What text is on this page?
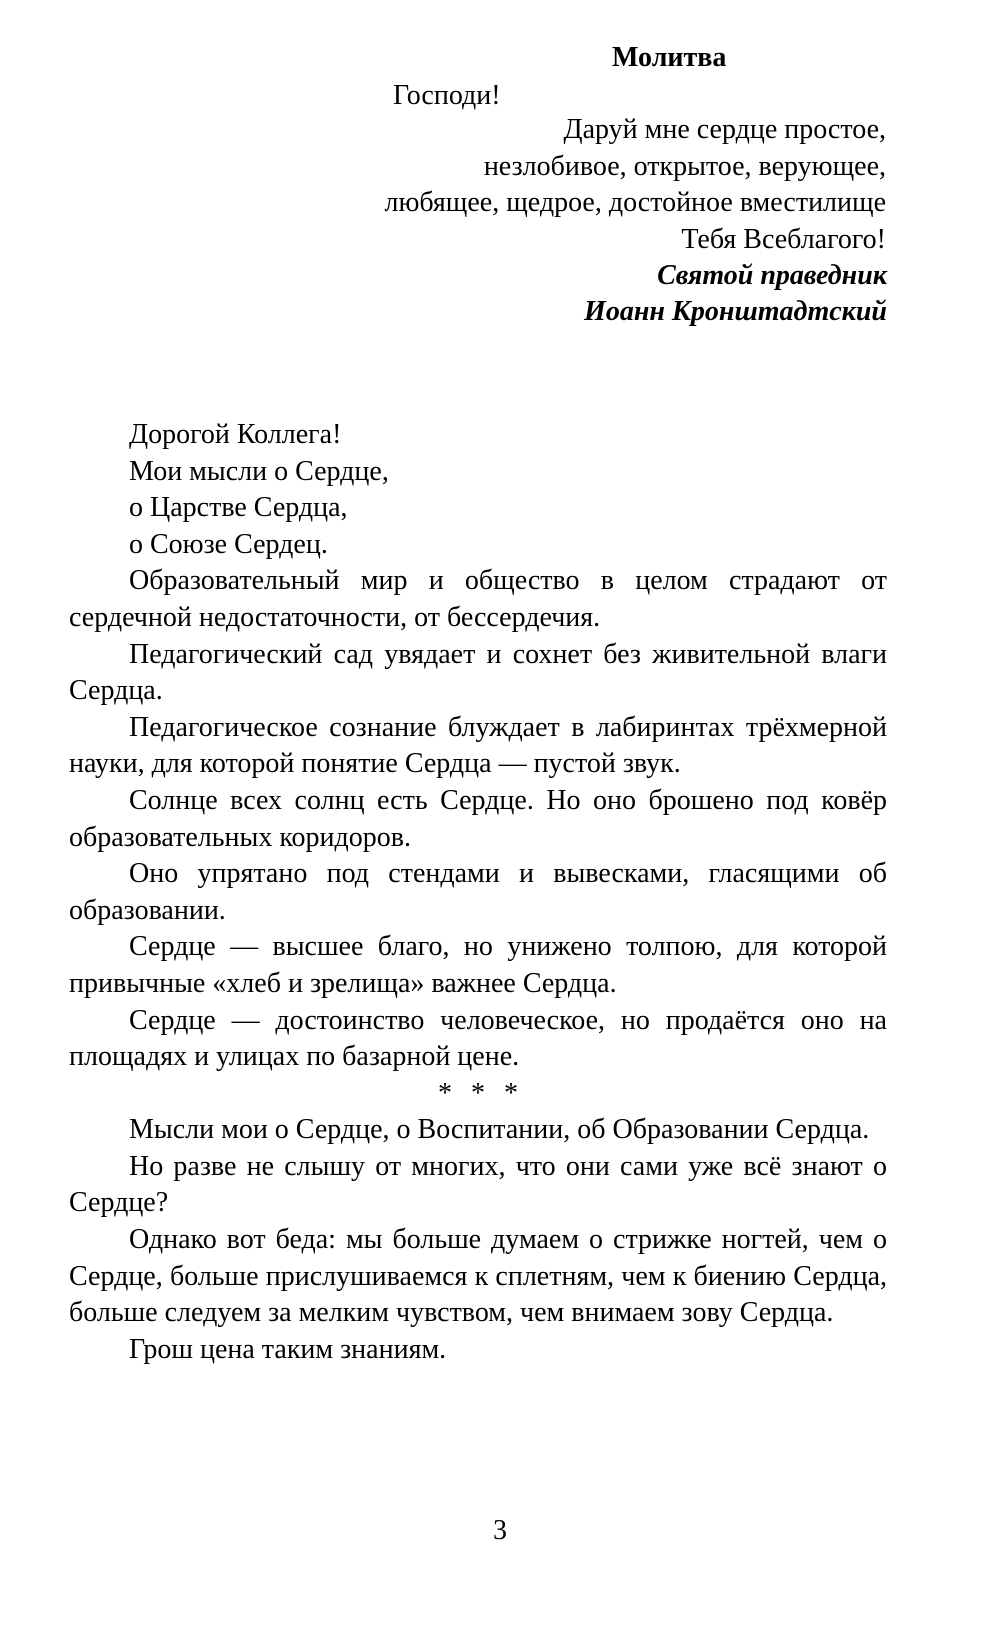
Молитва
Господи!
Даруй мне сердце простое,
незлобивое, открытое, верующее,
любящее, щедрое, достойное вместилище
Тебя Всеблагого!
Святой праведник
Иоанн Кронштадтский

Дорогой Коллега!

Мои мысли о Сердце,

о Царстве Сердца,

о Союзе Сердец.

Образовательный мир и общество в целом страдают от сердечной недостаточности, от бессердечия.

Педагогический сад увядает и сохнет без живительной влаги Сердца.

Педагогическое сознание блуждает в лабиринтах трёхмерной науки, для которой понятие Сердца — пустой звук.

Солнце всех солнц есть Сердце. Но оно брошено под ковёр образовательных коридоров.

Оно упрятано под стендами и вывесками, гласящими об образовании.

Сердце — высшее благо, но унижено толпою, для которой привычные «хлеб и зрелища» важнее Сердца.

Сердце — достоинство человеческое, но продаётся оно на площадях и улицах по базарной цене.

* * *

Мысли мои о Сердце, о Воспитании, об Образовании Сердца.

Но разве не слышу от многих, что они сами уже всё знают о Сердце?

Однако вот беда: мы больше думаем о стрижке ногтей, чем о Сердце, больше прислушиваемся к сплетням, чем к биению Сердца, больше следуем за мелким чувством, чем внимаем зову Сердца.

Грош цена таким знаниям.

3
